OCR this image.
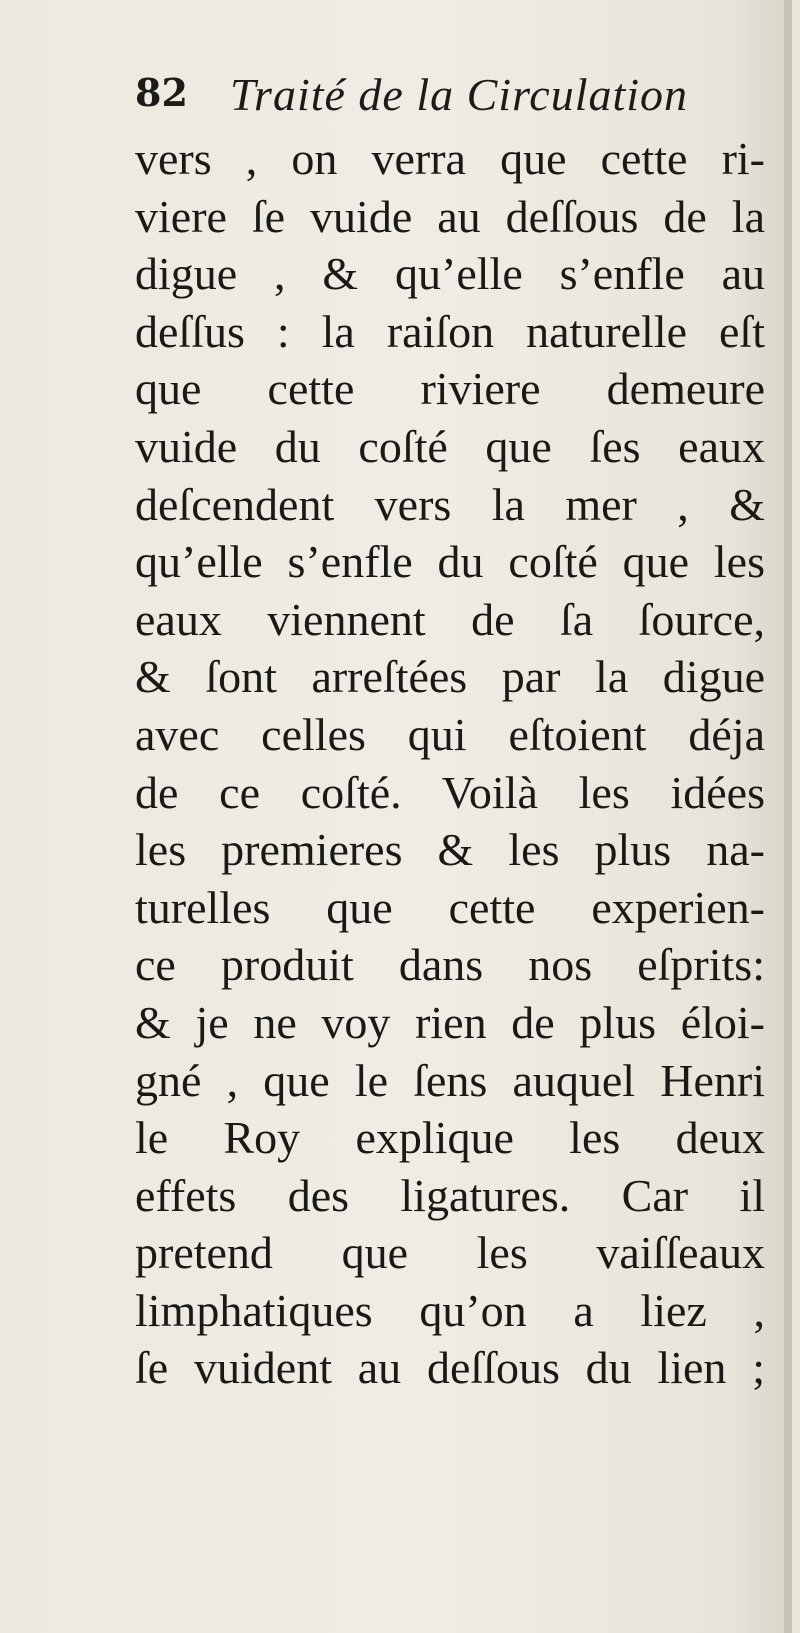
82 Traité de la Circulation
vers , on verra que cette ri-
viere ſe vuide au deſſous de la
digue , & qu’elle s’enfle au
deſſus : la raiſon naturelle eſt
que cette riviere demeure
vuide du coſté que ſes eaux
deſcendent vers la mer , &
qu’elle s’enfle du coſté que les
eaux viennent de ſa ſource,
& ſont arreſtées par la digue
avec celles qui eſtoient déja
de ce coſté. Voilà les idées
les premieres & les plus na-
turelles que cette experien-
ce produit dans nos eſprits:
& je ne voy rien de plus éloi-
gné , que le ſens auquel Henri
le Roy explique les deux
effets des ligatures. Car il
pretend que les vaiſſeaux
limphatiques qu’on a liez ,
ſe vuident au deſſous du lien ;
